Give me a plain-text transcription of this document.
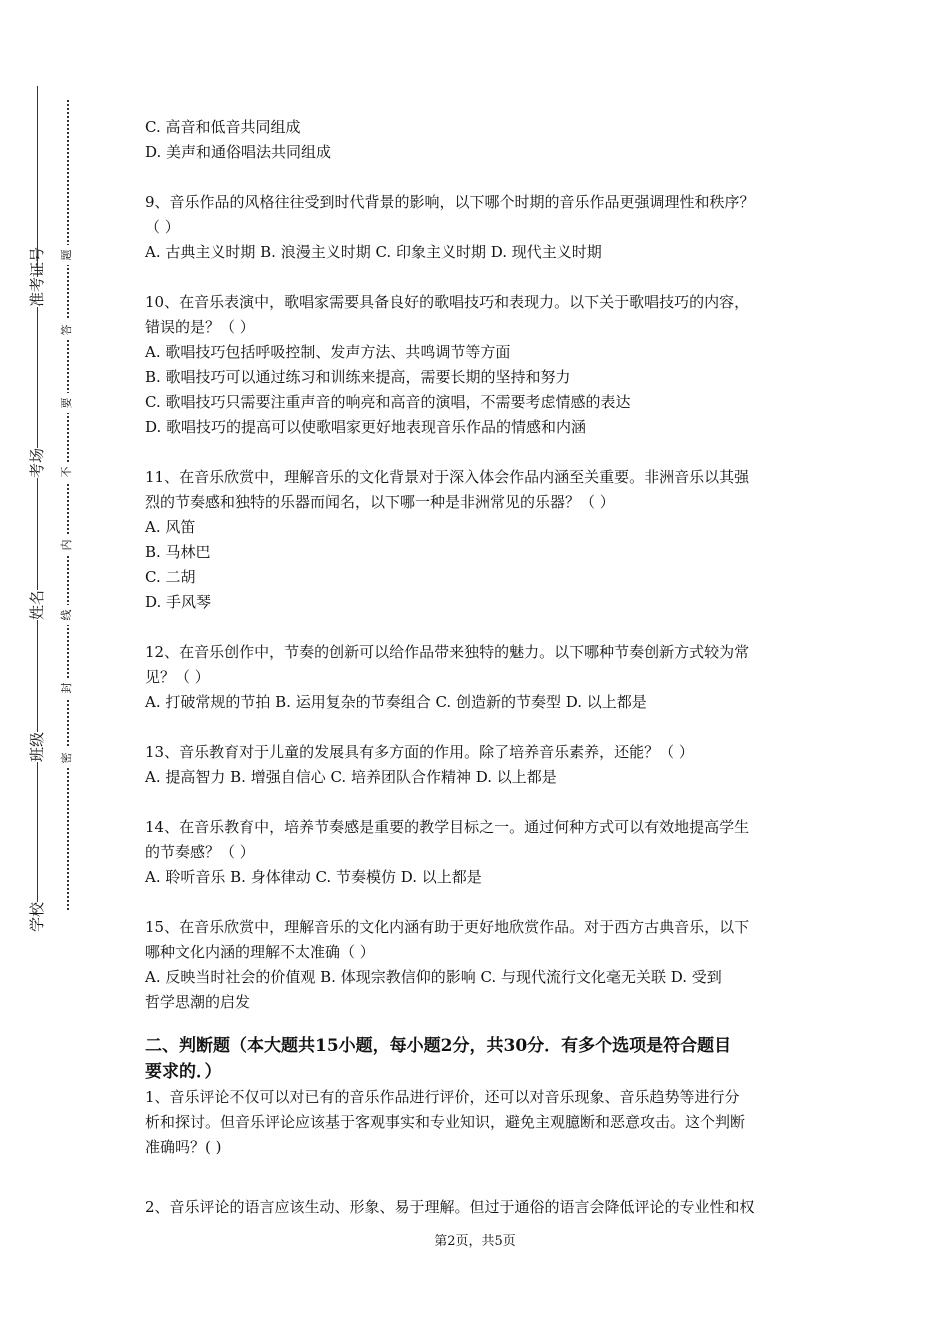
准考证号
考场
姓名
班级
学校
题
答
要
不
内
线
封
密
C. 高音和低音共同组成
D. 美声和通俗唱法共同组成
9、音乐作品的风格往往受到时代背景的影响，以下哪个时期的音乐作品更强调理性和秩序？
（ ）
A. 古典主义时期 B. 浪漫主义时期 C. 印象主义时期 D. 现代主义时期
10、在音乐表演中，歌唱家需要具备良好的歌唱技巧和表现力。以下关于歌唱技巧的内容，
错误的是？（ ）
A. 歌唱技巧包括呼吸控制、发声方法、共鸣调节等方面
B. 歌唱技巧可以通过练习和训练来提高，需要长期的坚持和努力
C. 歌唱技巧只需要注重声音的响亮和高音的演唱，不需要考虑情感的表达
D. 歌唱技巧的提高可以使歌唱家更好地表现音乐作品的情感和内涵
11、在音乐欣赏中，理解音乐的文化背景对于深入体会作品内涵至关重要。非洲音乐以其强
烈的节奏感和独特的乐器而闻名，以下哪一种是非洲常见的乐器？（ ）
A. 风笛
B. 马林巴
C. 二胡
D. 手风琴
12、在音乐创作中，节奏的创新可以给作品带来独特的魅力。以下哪种节奏创新方式较为常
见？（ ）
A. 打破常规的节拍 B. 运用复杂的节奏组合 C. 创造新的节奏型 D. 以上都是
13、音乐教育对于儿童的发展具有多方面的作用。除了培养音乐素养，还能？（ ）
A. 提高智力 B. 增强自信心 C. 培养团队合作精神 D. 以上都是
14、在音乐教育中，培养节奏感是重要的教学目标之一。通过何种方式可以有效地提高学生
的节奏感？（ ）
A. 聆听音乐 B. 身体律动 C. 节奏模仿 D. 以上都是
15、在音乐欣赏中，理解音乐的文化内涵有助于更好地欣赏作品。对于西方古典音乐，以下
哪种文化内涵的理解不太准确（ ）
A. 反映当时社会的价值观 B. 体现宗教信仰的影响 C. 与现代流行文化毫无关联 D. 受到
哲学思潮的启发
二、判断题（本大题共15小题，每小题2分，共30分．有多个选项是符合题目
要求的．）
1、音乐评论不仅可以对已有的音乐作品进行评价，还可以对音乐现象、音乐趋势等进行分
析和探讨。但音乐评论应该基于客观事实和专业知识，避免主观臆断和恶意攻击。这个判断
准确吗？( )
2、音乐评论的语言应该生动、形象、易于理解。但过于通俗的语言会降低评论的专业性和权
第2页，共5页
